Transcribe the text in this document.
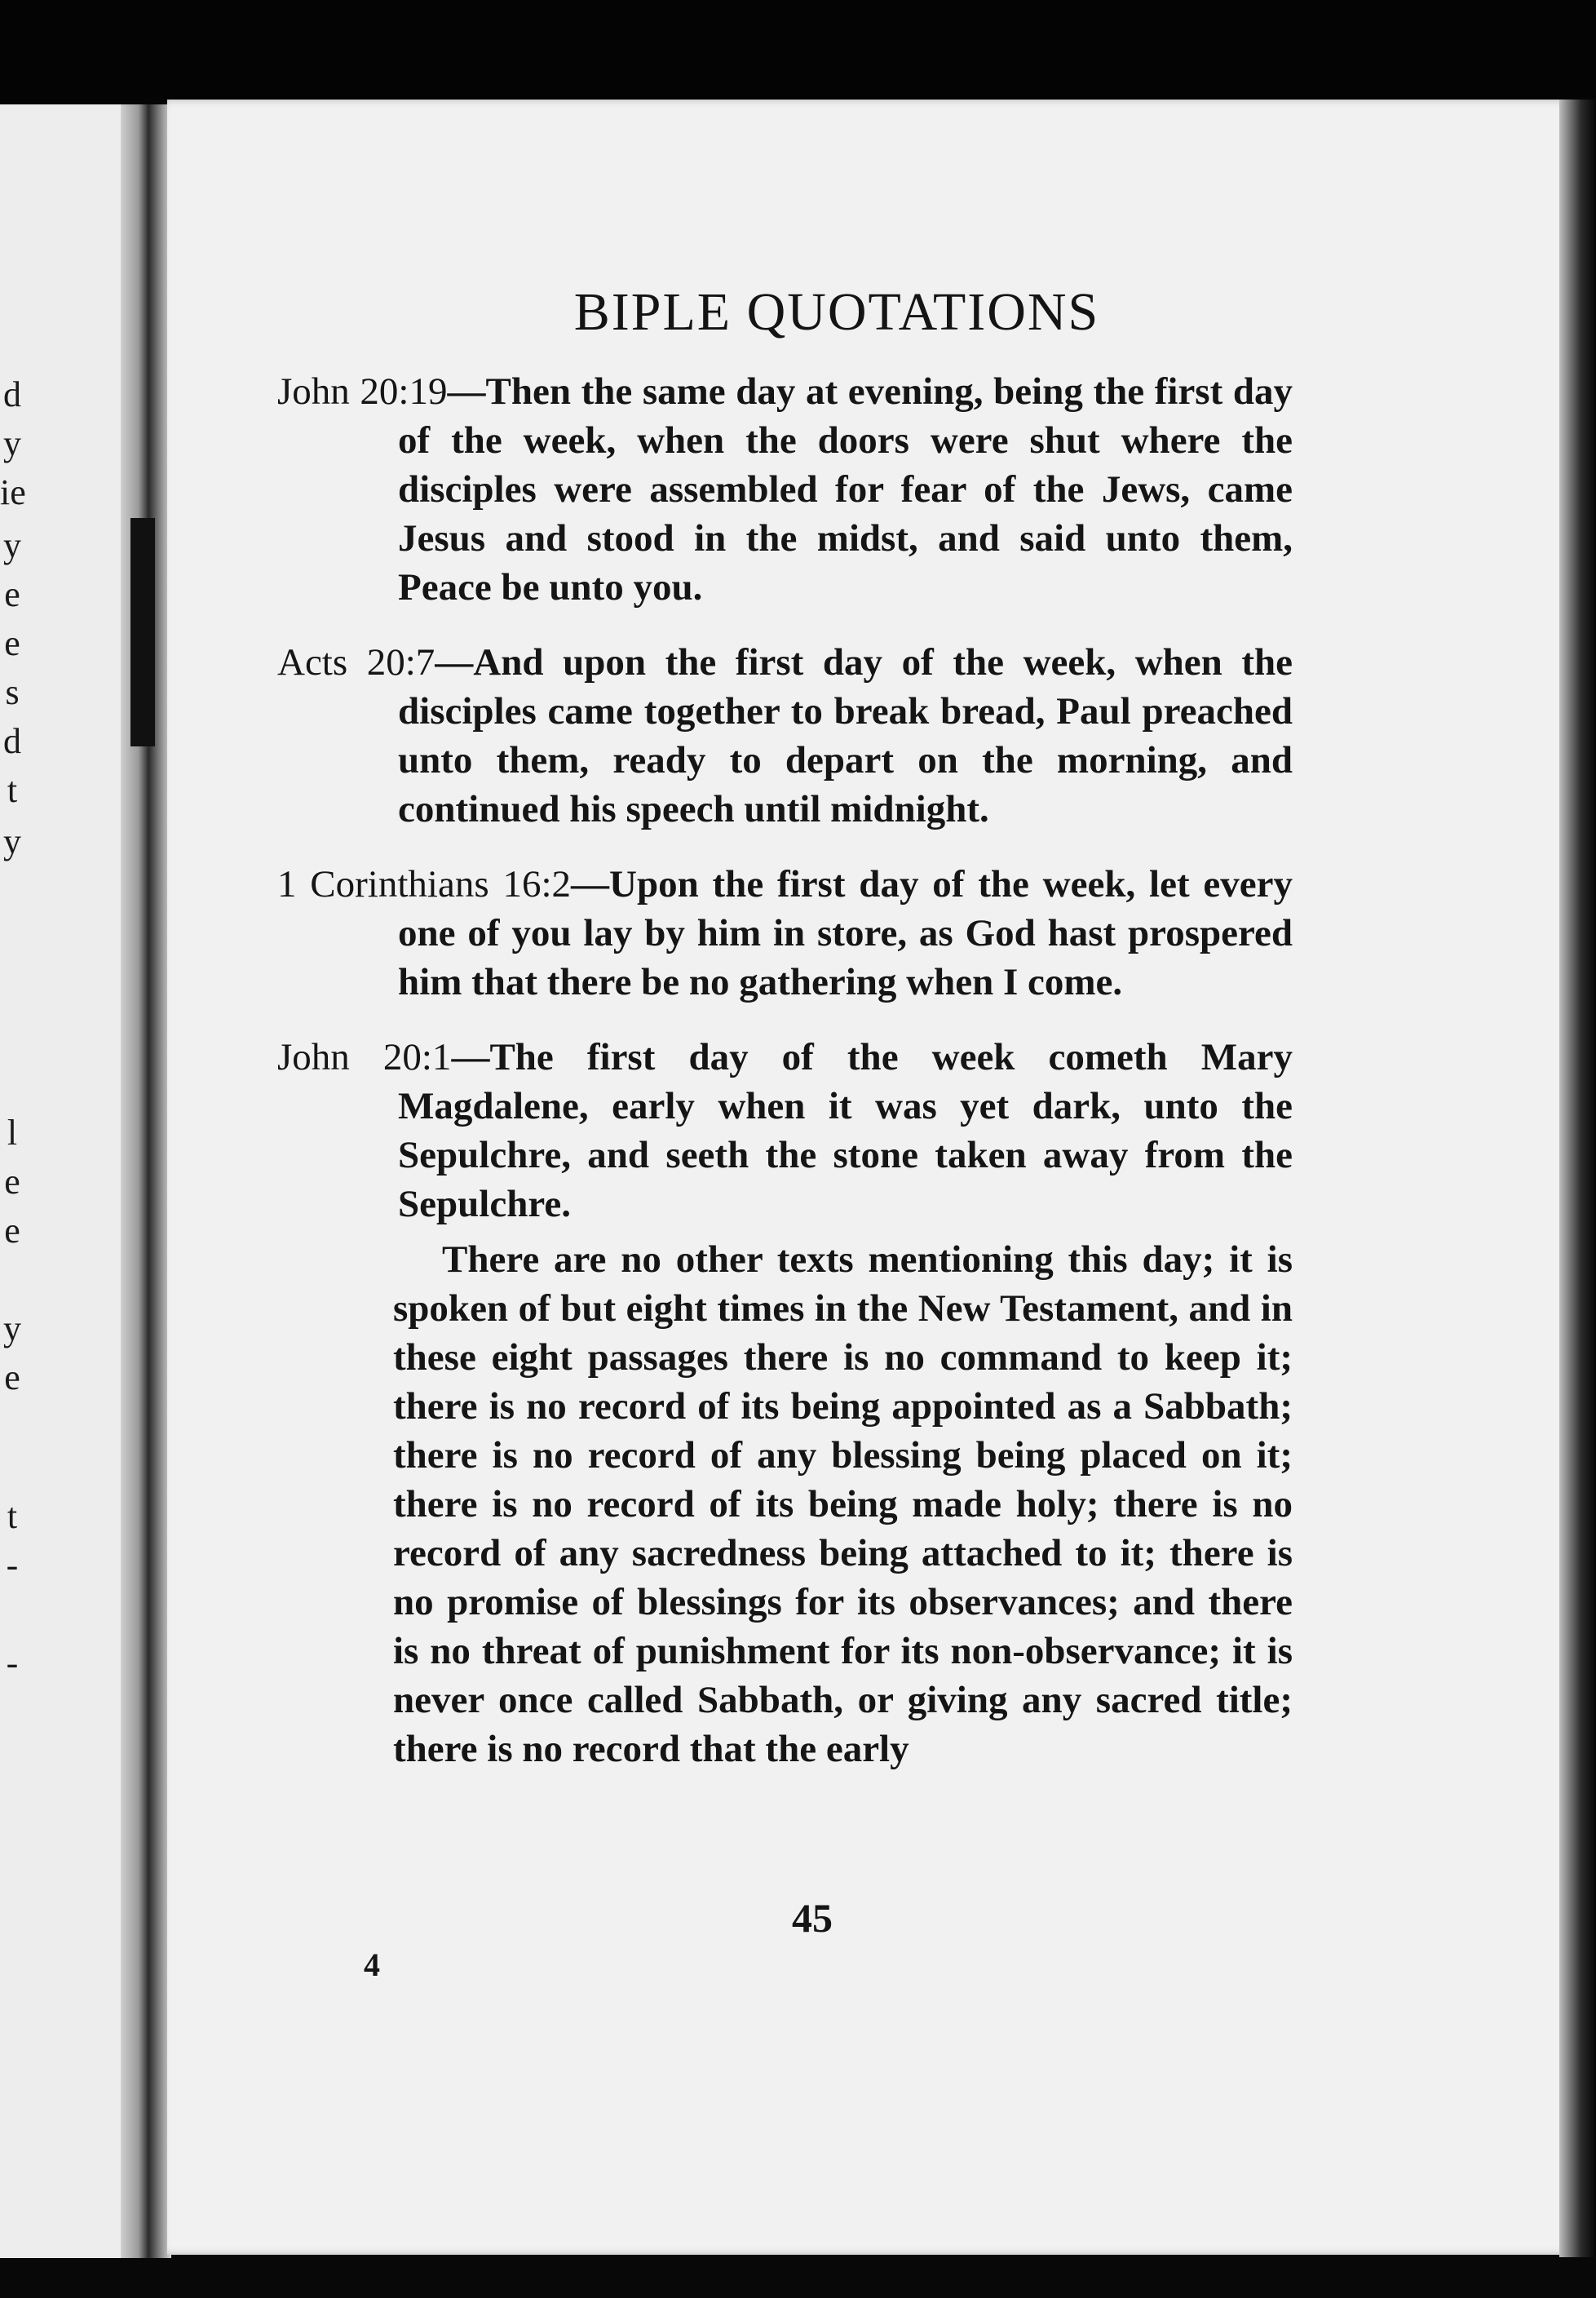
d
y
ie
y
e
e
s
d
t
y
l
e
e
y
e
t
-
-
BIPLE QUOTATIONS

John 20:19—Then the same day at evening, being the first day of the week, when the doors were shut where the disciples were assembled for fear of the Jews, came Jesus and stood in the midst, and said unto them, Peace be unto you.

Acts 20:7—And upon the first day of the week, when the disciples came together to break bread, Paul preached unto them, ready to depart on the morning, and continued his speech until midnight.

1 Corinthians 16:2—Upon the first day of the week, let every one of you lay by him in store, as God hast prospered him that there be no gathering when I come.

John 20:1—The first day of the week cometh Mary Magdalene, early when it was yet dark, unto the Sepulchre, and seeth the stone taken away from the Sepulchre.

There are no other texts mentioning this day; it is spoken of but eight times in the New Testament, and in these eight passages there is no command to keep it; there is no record of its being appointed as a Sabbath; there is no record of any blessing being placed on it; there is no record of its being made holy; there is no record of any sacredness being attached to it; there is no promise of blessings for its observances; and there is no threat of punishment for its non-observance; it is never once called Sabbath, or giving any sacred title; there is no record that the early

45
4
